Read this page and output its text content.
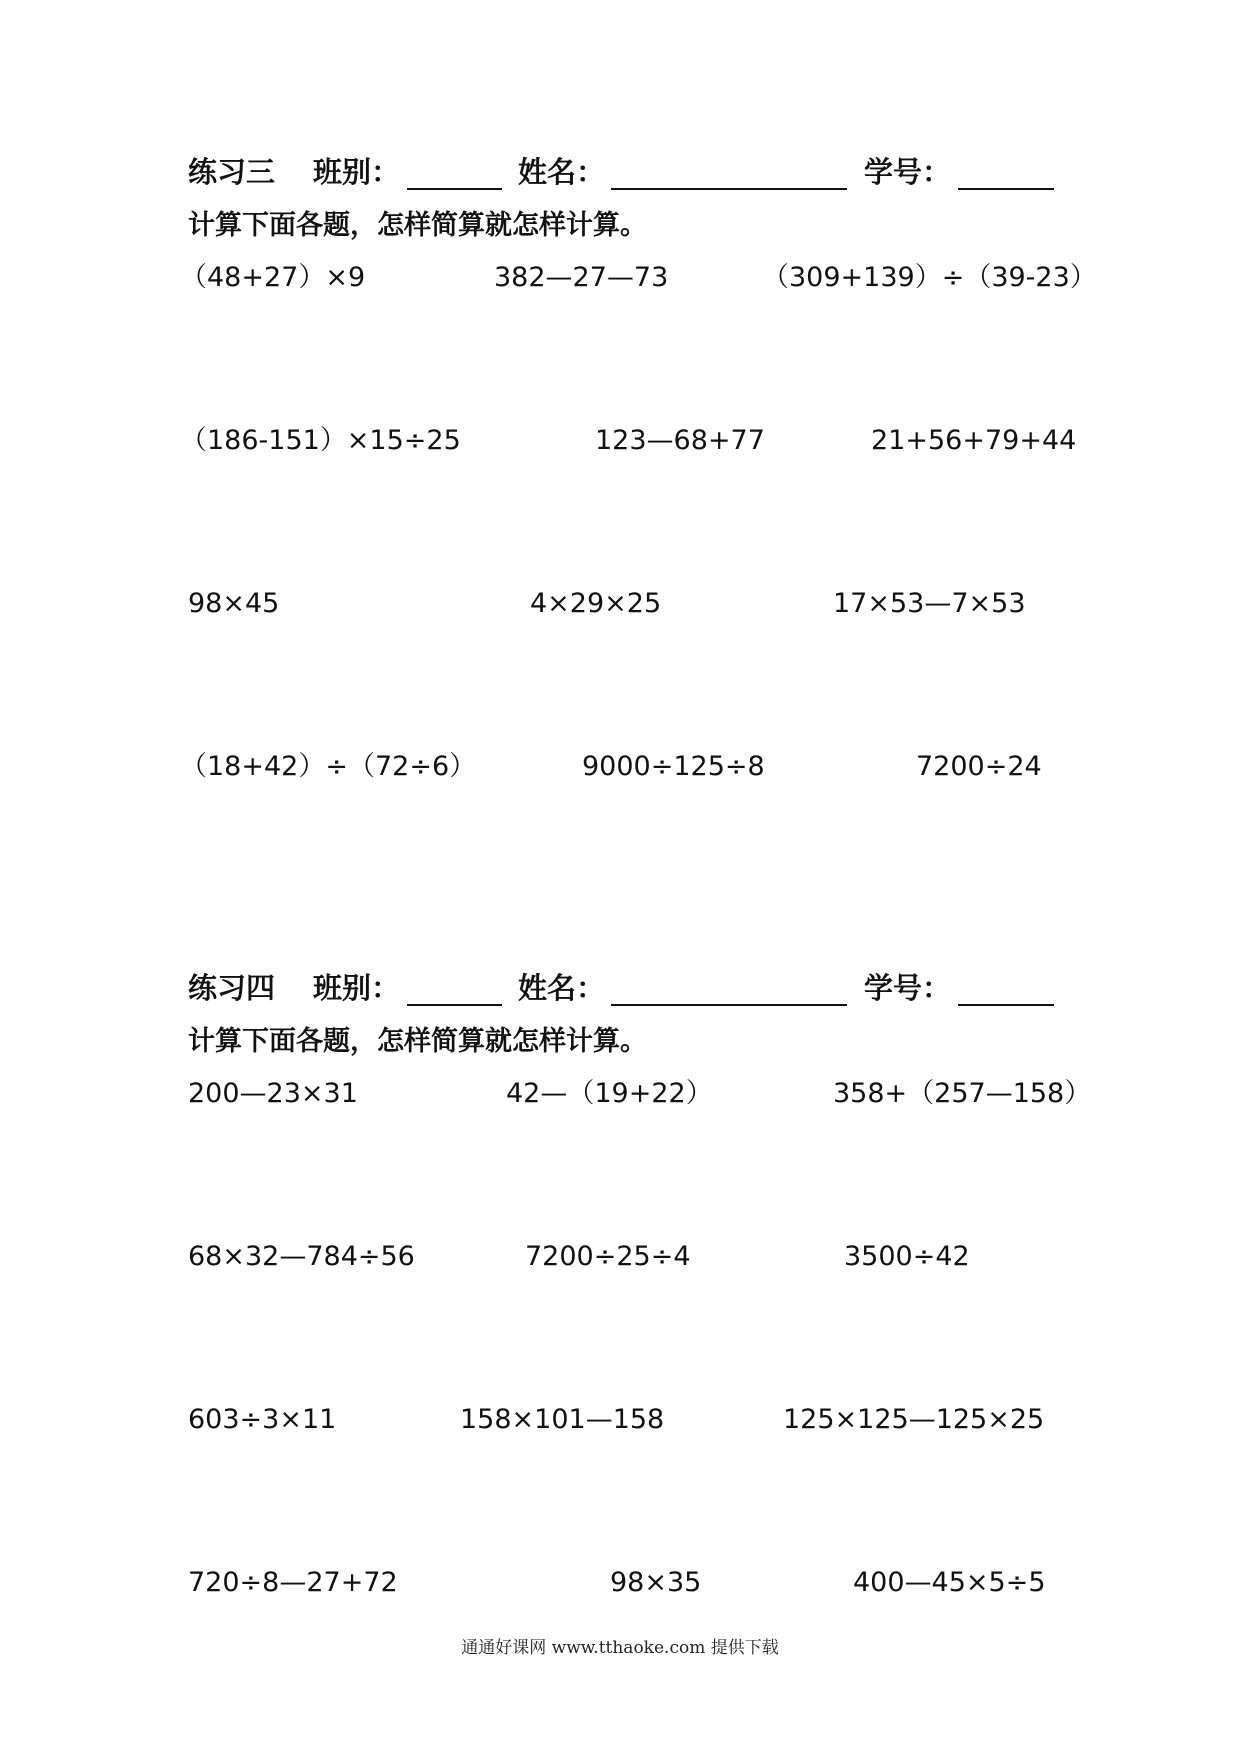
练习三 班别：	姓名：	学号：
计算下面各题，怎样简算就怎样计算。
（48+27）×9	382—27—73	（309+139）÷（39-23）
（186-151）×15÷25	123—68+77	21+56+79+44
98×45	4×29×25	17×53—7×53
（18+42）÷（72÷6）	9000÷125÷8	7200÷24
练习四 班别：	姓名：	学号：
计算下面各题，怎样简算就怎样计算。
200—23×31	42—（19+22）	358+（257—158）
68×32—784÷56	7200÷25÷4	3500÷42
603÷3×11	158×101—158	125×125—125×25
720÷8—27+72	98×35	400—45×5÷5
通通好课网 www.tthaoke.com 提供下载
